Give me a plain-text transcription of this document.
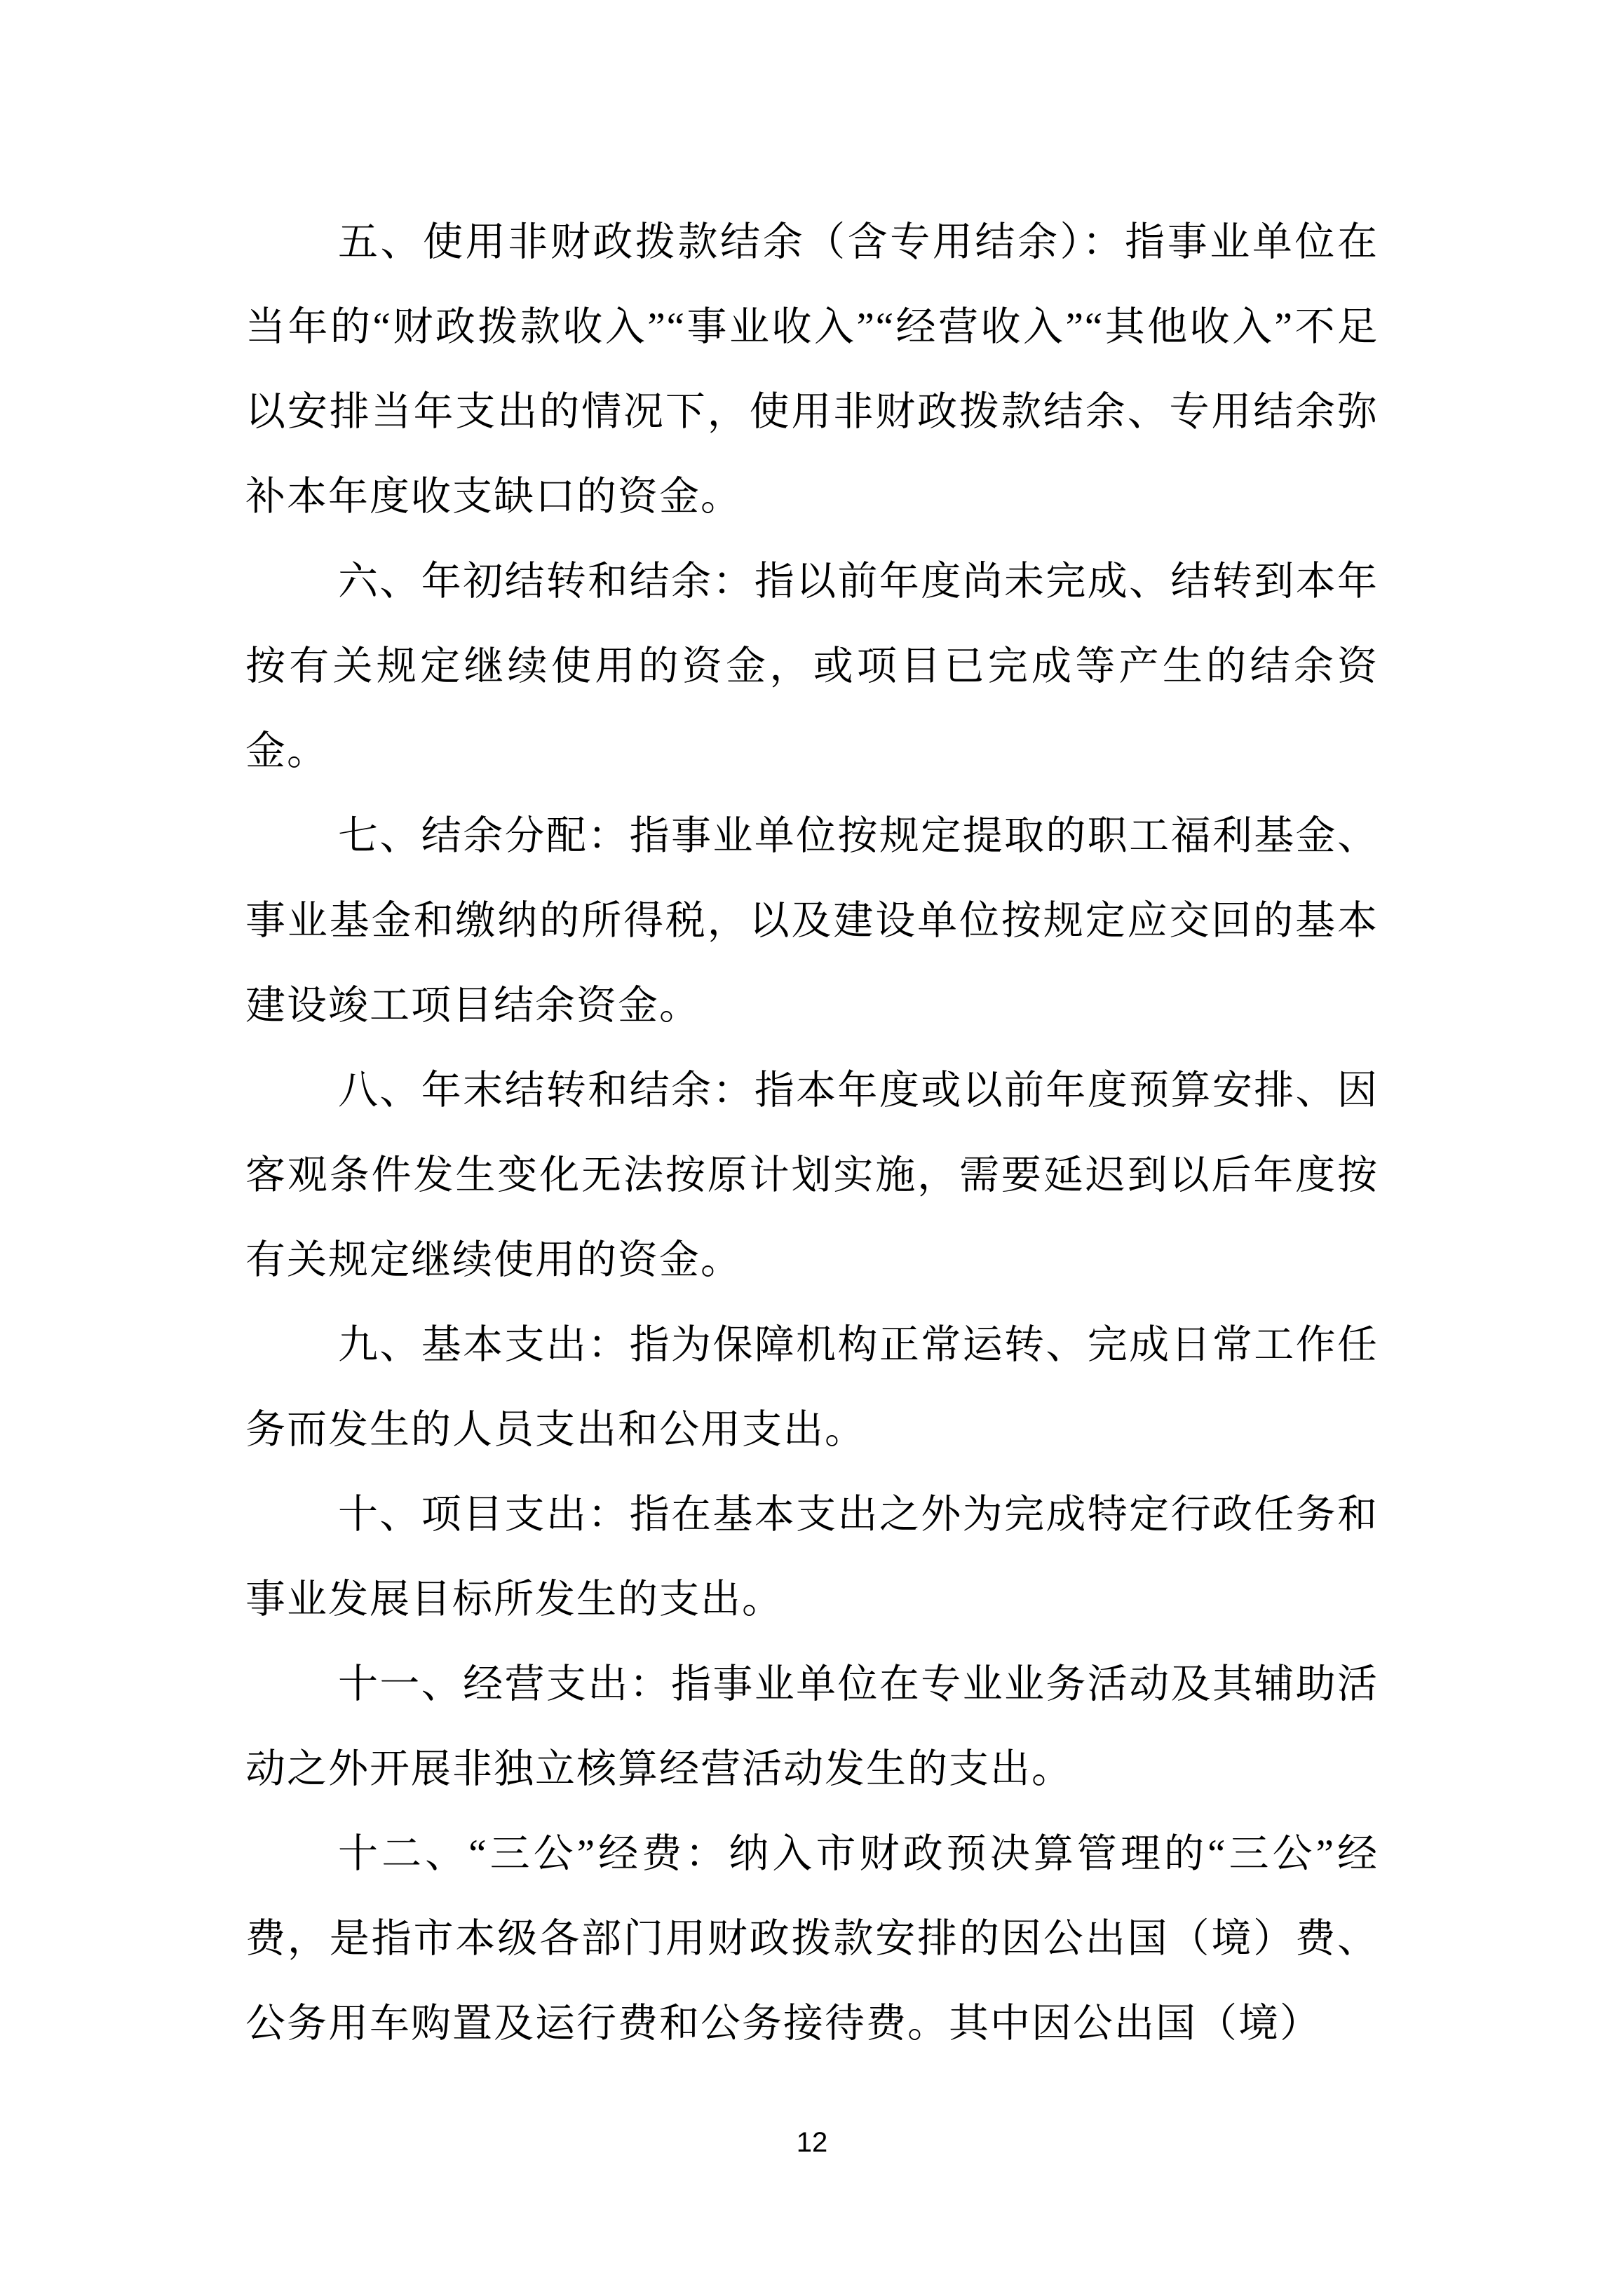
五、使用非财政拨款结余（含专用结余）：指事业单位在当年的“财政拨款收入”“事业收入”“经营收入”“其他收入”不足以安排当年支出的情况下，使用非财政拨款结余、专用结余弥补本年度收支缺口的资金。

六、年初结转和结余：指以前年度尚未完成、结转到本年按有关规定继续使用的资金，或项目已完成等产生的结余资金。

七、结余分配：指事业单位按规定提取的职工福利基金、事业基金和缴纳的所得税，以及建设单位按规定应交回的基本建设竣工项目结余资金。

八、年末结转和结余：指本年度或以前年度预算安排、因客观条件发生变化无法按原计划实施，需要延迟到以后年度按有关规定继续使用的资金。

九、基本支出：指为保障机构正常运转、完成日常工作任务而发生的人员支出和公用支出。

十、项目支出：指在基本支出之外为完成特定行政任务和事业发展目标所发生的支出。

十一、经营支出：指事业单位在专业业务活动及其辅助活动之外开展非独立核算经营活动发生的支出。

十二、“三公”经费：纳入市财政预决算管理的“三公”经费，是指市本级各部门用财政拨款安排的因公出国（境）费、公务用车购置及运行费和公务接待费。其中因公出国（境）

12
